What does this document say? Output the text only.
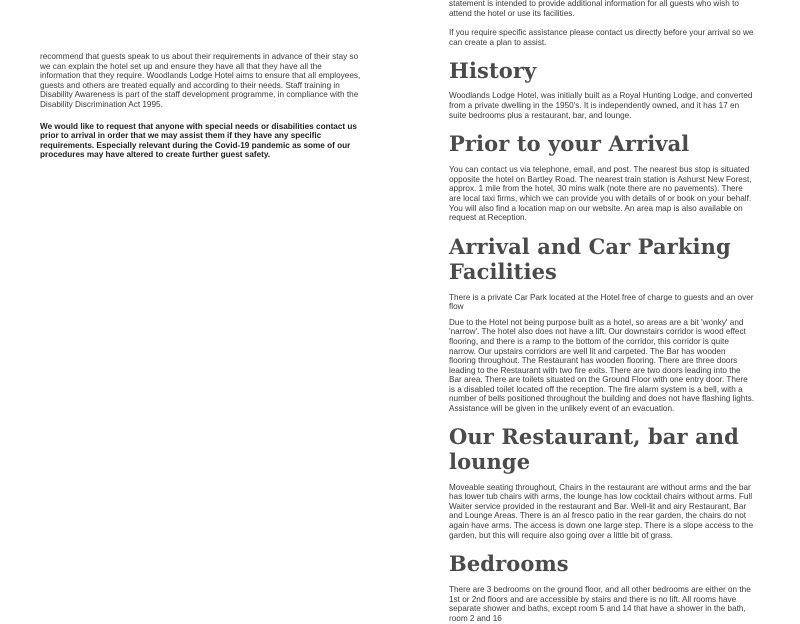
recommend that guests speak to us about their requirements in advance of their stay so we can explain the hotel set up and ensure they have all that they have all the information that they require. Woodlands Lodge Hotel aims to ensure that all employees, guests and others are treated equally and according to their needs. Staff training in Disability Awareness is part of the staff development programme, in compliance with the Disability Discrimination Act 1995.

We would like to request that anyone with special needs or disabilities contact us prior to arrival in order that we may assist them if they have any specific requirements. Especially relevant during the Covid-19 pandemic as some of our procedures may have altered to create further guest safety.

statement is intended to provide additional information for all guests who wish to attend the hotel or use its facilities.

If you require specific assistance please contact us directly before your arrival so we can create a plan to assist.

History

Woodlands Lodge Hotel, was initially built as a Royal Hunting Lodge, and converted from a private dwelling in the 1950's. It is independently owned, and it has 17 en suite bedrooms plus a restaurant, bar, and lounge.

Prior to your Arrival

You can contact us via telephone, email, and post. The nearest bus stop is situated opposite the hotel on Bartley Road. The nearest train station is Ashurst New Forest, approx. 1 mile from the hotel, 30 mins walk (note there are no pavements). There are local taxi firms, which we can provide you with details of or book on your behalf. You will also find a location map on our website. An area map is also available on request at Reception.

Arrival and Car Parking Facilities

There is a private Car Park located at the Hotel free of charge to guests and an over flow

Due to the Hotel not being purpose built as a hotel, so areas are a bit 'wonky' and 'narrow'. The hotel also does not have a lift. Our downstairs corridor is wood effect flooring, and there is a ramp to the bottom of the corridor, this corridor is quite narrow. Our upstairs corridors are well lit and carpeted. The Bar has wooden flooring throughout. The Restaurant has wooden flooring. There are three doors leading to the Restaurant with two fire exits. There are two doors leading into the Bar area. There are toilets situated on the Ground Floor with one entry door. There is a disabled toilet located off the reception. The fire alarm system is a bell, with a number of bells positioned throughout the building and does not have flashing lights. Assistance will be given in the unlikely event of an evacuation.

Our Restaurant, bar and lounge

Moveable seating throughout, Chairs in the restaurant are without arms and the bar has lower tub chairs with arms, the lounge has low cocktail chairs without arms. Full Waiter service provided in the restaurant and Bar. Well-lit and airy Restaurant, Bar and Lounge Areas. There is an al fresco patio in the rear garden, the chairs do not again have arms. The access is down one large step. There is a slope access to the garden, but this will require also going over a little bit of grass.

Bedrooms

There are 3 bedrooms on the ground floor, and all other bedrooms are either on the 1st or 2nd floors and are accessible by stairs and there is no lift. All rooms have separate shower and baths, except room 5 and 14 that have a shower in the bath, room 2 and 16
